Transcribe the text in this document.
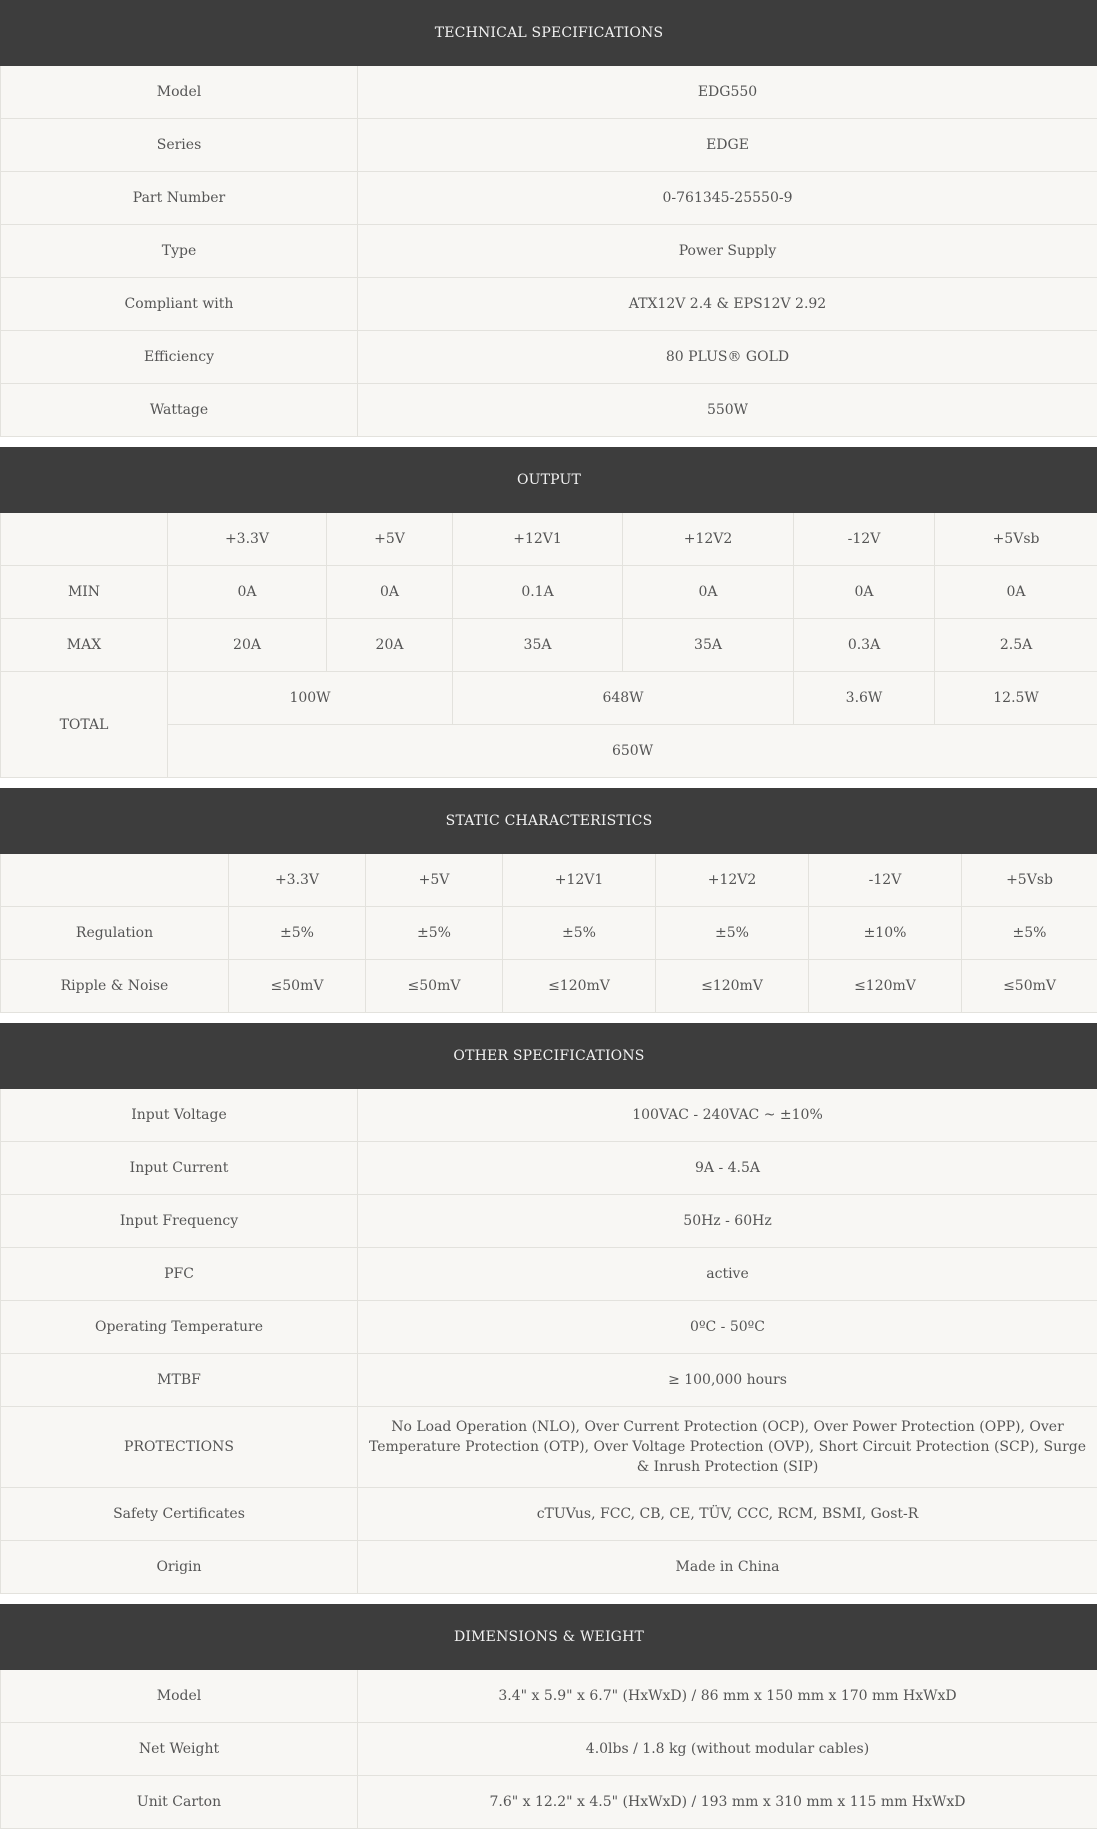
TECHNICAL SPECIFICATIONS	
Model	EDG550
Series	EDGE
Part Number	0-761345-25550-9
Type	Power Supply
Compliant with	ATX12V 2.4 & EPS12V 2.92
Efficiency	80 PLUS® GOLD
Wattage	550W
OUTPUT						
	+3.3V	+5V	+12V1	+12V2	-12V	+5Vsb
MIN	0A	0A	0.1A	0A	0A	0A
MAX	20A	20A	35A	35A	0.3A	2.5A
TOTAL	100W		648W		3.6W	12.5W
	650W					
STATIC CHARACTERISTICS						
	+3.3V	+5V	+12V1	+12V2	-12V	+5Vsb
Regulation	±5%	±5%	±5%	±5%	±10%	±5%
Ripple & Noise	≤50mV	≤50mV	≤120mV	≤120mV	≤120mV	≤50mV
OTHER SPECIFICATIONS	
Input Voltage	100VAC - 240VAC ~ ±10%
Input Current	9A - 4.5A
Input Frequency	50Hz - 60Hz
PFC	active
Operating Temperature	0ºC - 50ºC
MTBF	≥ 100,000 hours
PROTECTIONS	No Load Operation (NLO), Over Current Protection (OCP), Over Power Protection (OPP), Over Temperature Protection (OTP), Over Voltage Protection (OVP), Short Circuit Protection (SCP), Surge & Inrush Protection (SIP)
Safety Certificates	cTUVus, FCC, CB, CE, TÜV, CCC, RCM, BSMI, Gost-R
Origin	Made in China
DIMENSIONS & WEIGHT	
Model	3.4" x 5.9" x 6.7" (HxWxD) / 86 mm x 150 mm x 170 mm HxWxD
Net Weight	4.0lbs / 1.8 kg (without modular cables)
Unit Carton	7.6" x 12.2" x 4.5" (HxWxD) / 193 mm x 310 mm x 115 mm HxWxD
